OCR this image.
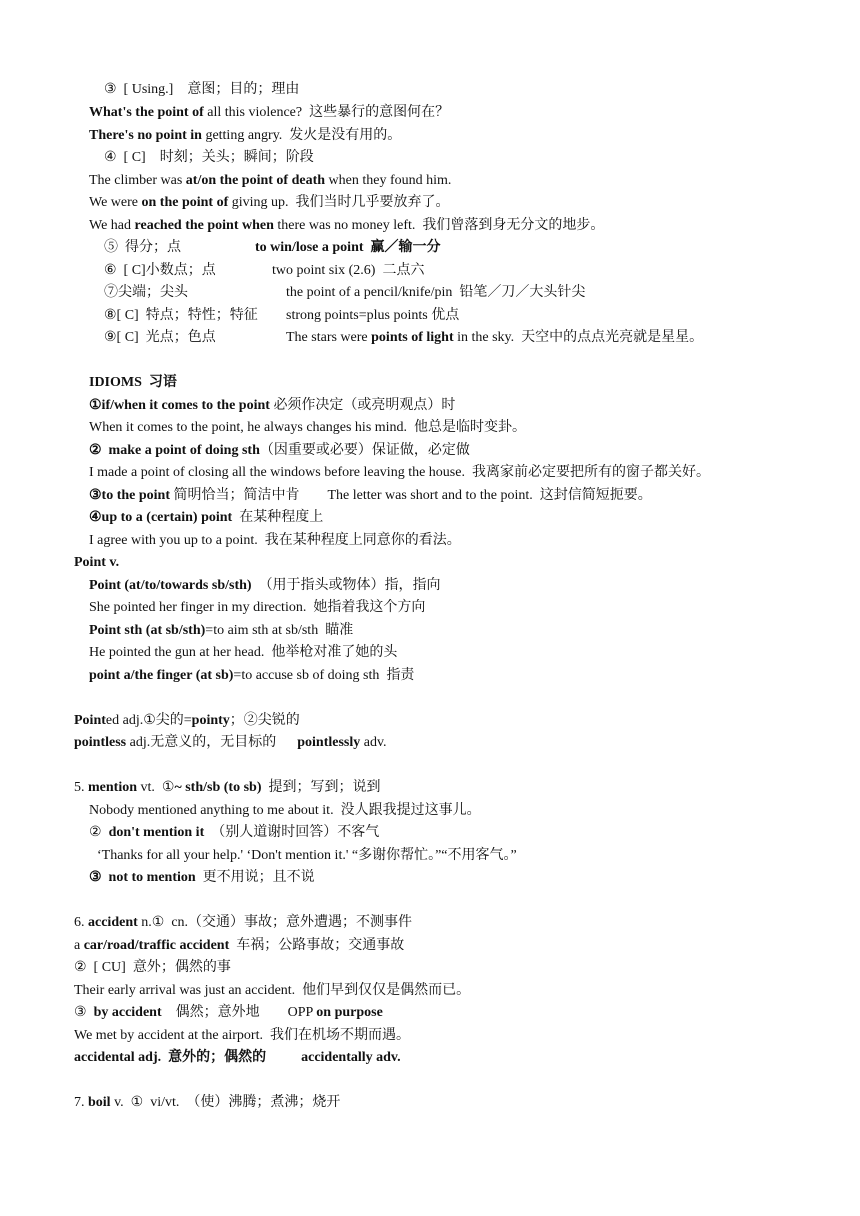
③  [ Using.]    意图；目的；理由
What's the point of all this violence?  这些暴行的意图何在？
There's no point in getting angry.  发火是没有用的。
④  [ C]    时刻；关头；瞬间；阶段
The climber was at/on the point of death when they found him.
We were on the point of giving up.  我们当时几乎要放弃了。
We had reached the point when there was no money left.  我们曾落到身无分文的地步。
⑤  得分；点	to win/lose a point  赢／输一分
⑥  [ C]小数点；点	two point six (2.6)  二点六
⑦尖端；尖头	the point of a pencil/knife/pin  铅笔／刀／大头针尖
⑧[ C]  特点；特性；特征 strong points=plus points 优点
⑨[ C]  光点；色点	The stars were points of light in the sky.  天空中的点点光亮就是星星。
IDIOMS  习语
①if/when it comes to the point 必须作决定（或亮明观点）时
When it comes to the point, he always changes his mind.  他总是临时变卦。
②  make a point of doing sth（因重要或必要）保证做，必定做
I made a point of closing all the windows before leaving the house.  我离家前必定要把所有的窗子都关好。
③to the point 简明恰当；简洁中肯        The letter was short and to the point.  这封信简短扼要。
④up to a (certain) point  在某种程度上
I agree with you up to a point.  我在某种程度上同意你的看法。
Point v.
Point (at/to/towards sb/sth)  （用于指头或物体）指，指向
She pointed her finger in my direction.  她指着我这个方向
Point sth (at sb/sth)=to aim sth at sb/sth  瞄准
He pointed the gun at her head.  他举枪对准了她的头
point a/the finger (at sb)=to accuse sb of doing sth  指责
Pointed adj.①尖的=pointy；②尖锐的
pointless adj.无意义的，无目标的      pointlessly adv.
5. mention vt.  ①~ sth/sb (to sb)  提到；写到；说到
Nobody mentioned anything to me about it.  没人跟我提过这事儿。
②  don't mention it  （别人道谢时回答）不客气
‘Thanks for all your help.' ‘Don't mention it.' “多谢你帮忙。”“不用客气。”
③  not to mention  更不用说；且不说
6. accident n.①  cn.（交通）事故；意外遭遇；不测事件
a car/road/traffic accident  车祸；公路事故；交通事故
②  [ CU]  意外；偶然的事
Their early arrival was just an accident.  他们早到仅仅是偶然而已。
③  by accident    偶然；意外地        OPP on purpose
We met by accident at the airport.  我们在机场不期而遇。
accidental adj.  意外的；偶然的          accidentally adv.
7. boil v.  ①  vi/vt.  （使）沸腾；煮沸；烧开
